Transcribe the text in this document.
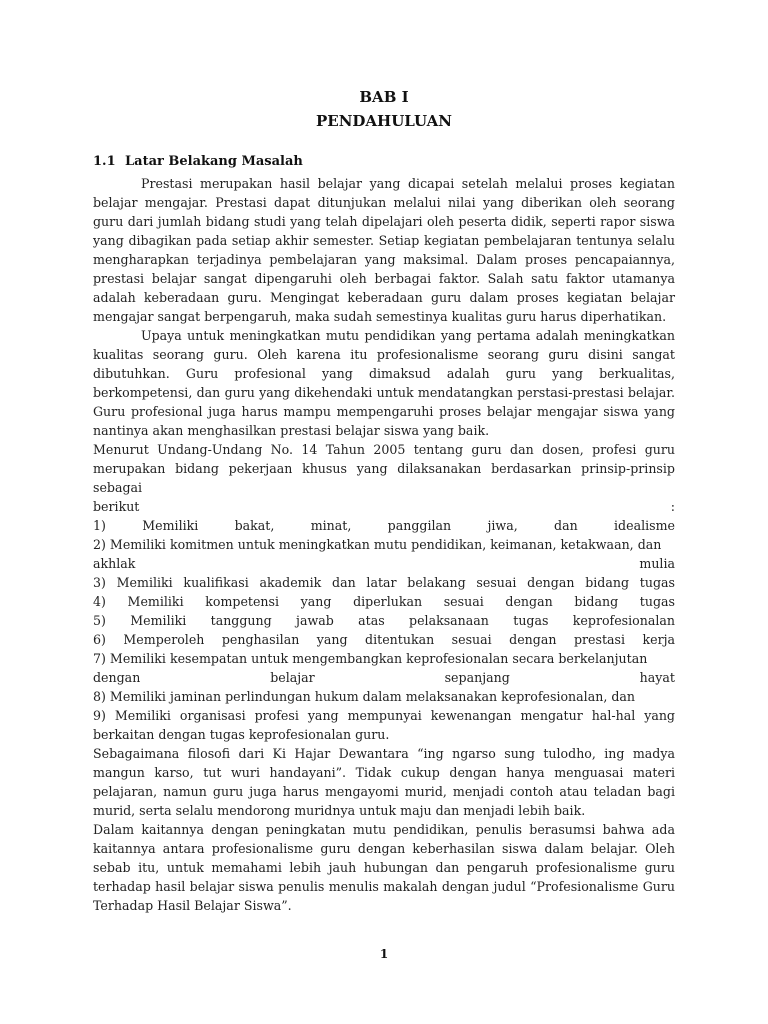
BAB I
PENDAHULUAN
1.1 Latar Belakang Masalah

Prestasi merupakan hasil belajar yang dicapai setelah melalui proses kegiatan belajar mengajar. Prestasi dapat ditunjukan melalui nilai yang diberikan oleh seorang guru dari jumlah bidang studi yang telah dipelajari oleh peserta didik, seperti rapor siswa yang dibagikan pada setiap akhir semester. Setiap kegiatan pembelajaran tentunya selalu mengharapkan terjadinya pembelajaran yang maksimal. Dalam proses pencapaiannya, prestasi belajar sangat dipengaruhi oleh berbagai faktor. Salah satu faktor utamanya adalah keberadaan guru. Mengingat keberadaan guru dalam proses kegiatan belajar mengajar sangat berpengaruh, maka sudah semestinya kualitas guru harus diperhatikan.

Upaya untuk meningkatkan mutu pendidikan yang pertama adalah meningkatkan kualitas seorang guru. Oleh karena itu profesionalisme seorang guru disini sangat dibutuhkan. Guru profesional yang dimaksud adalah guru yang berkualitas, berkompetensi, dan guru yang dikehendaki untuk mendatangkan perstasi-prestasi belajar. Guru profesional juga harus mampu mempengaruhi proses belajar mengajar siswa yang nantinya akan menghasilkan prestasi belajar siswa yang baik.

Menurut Undang-Undang No. 14 Tahun 2005 tentang guru dan dosen, profesi guru merupakan bidang pekerjaan khusus yang dilaksanakan berdasarkan prinsip-prinsip sebagai

berikut :

1) Memiliki bakat, minat, panggilan jiwa, dan idealisme

2) Memiliki komitmen untuk meningkatkan mutu pendidikan, keimanan, ketakwaan, dan

akhlak mulia

3) Memiliki kualifikasi akademik dan latar belakang sesuai dengan bidang tugas

4) Memiliki kompetensi yang diperlukan sesuai dengan bidang tugas

5) Memiliki tanggung jawab atas pelaksanaan tugas keprofesionalan

6) Memperoleh penghasilan yang ditentukan sesuai dengan prestasi kerja

7) Memiliki kesempatan untuk mengembangkan keprofesionalan secara berkelanjutan

dengan belajar sepanjang hayat

8) Memiliki jaminan perlindungan hukum dalam melaksanakan keprofesionalan, dan

9) Memiliki organisasi profesi yang mempunyai kewenangan mengatur hal-hal yang berkaitan dengan tugas keprofesionalan guru.

Sebagaimana filosofi dari Ki Hajar Dewantara “ing ngarso sung tulodho, ing madya mangun karso, tut wuri handayani”. Tidak cukup dengan hanya menguasai materi pelajaran, namun guru juga harus mengayomi murid, menjadi contoh atau teladan bagi murid, serta selalu mendorong muridnya untuk maju dan menjadi lebih baik.

Dalam kaitannya dengan peningkatan mutu pendidikan, penulis berasumsi bahwa ada kaitannya antara profesionalisme guru dengan keberhasilan siswa dalam belajar. Oleh sebab itu, untuk memahami lebih jauh hubungan dan pengaruh profesionalisme guru terhadap hasil belajar siswa penulis menulis makalah dengan judul “Profesionalisme Guru Terhadap Hasil Belajar Siswa”.

1
